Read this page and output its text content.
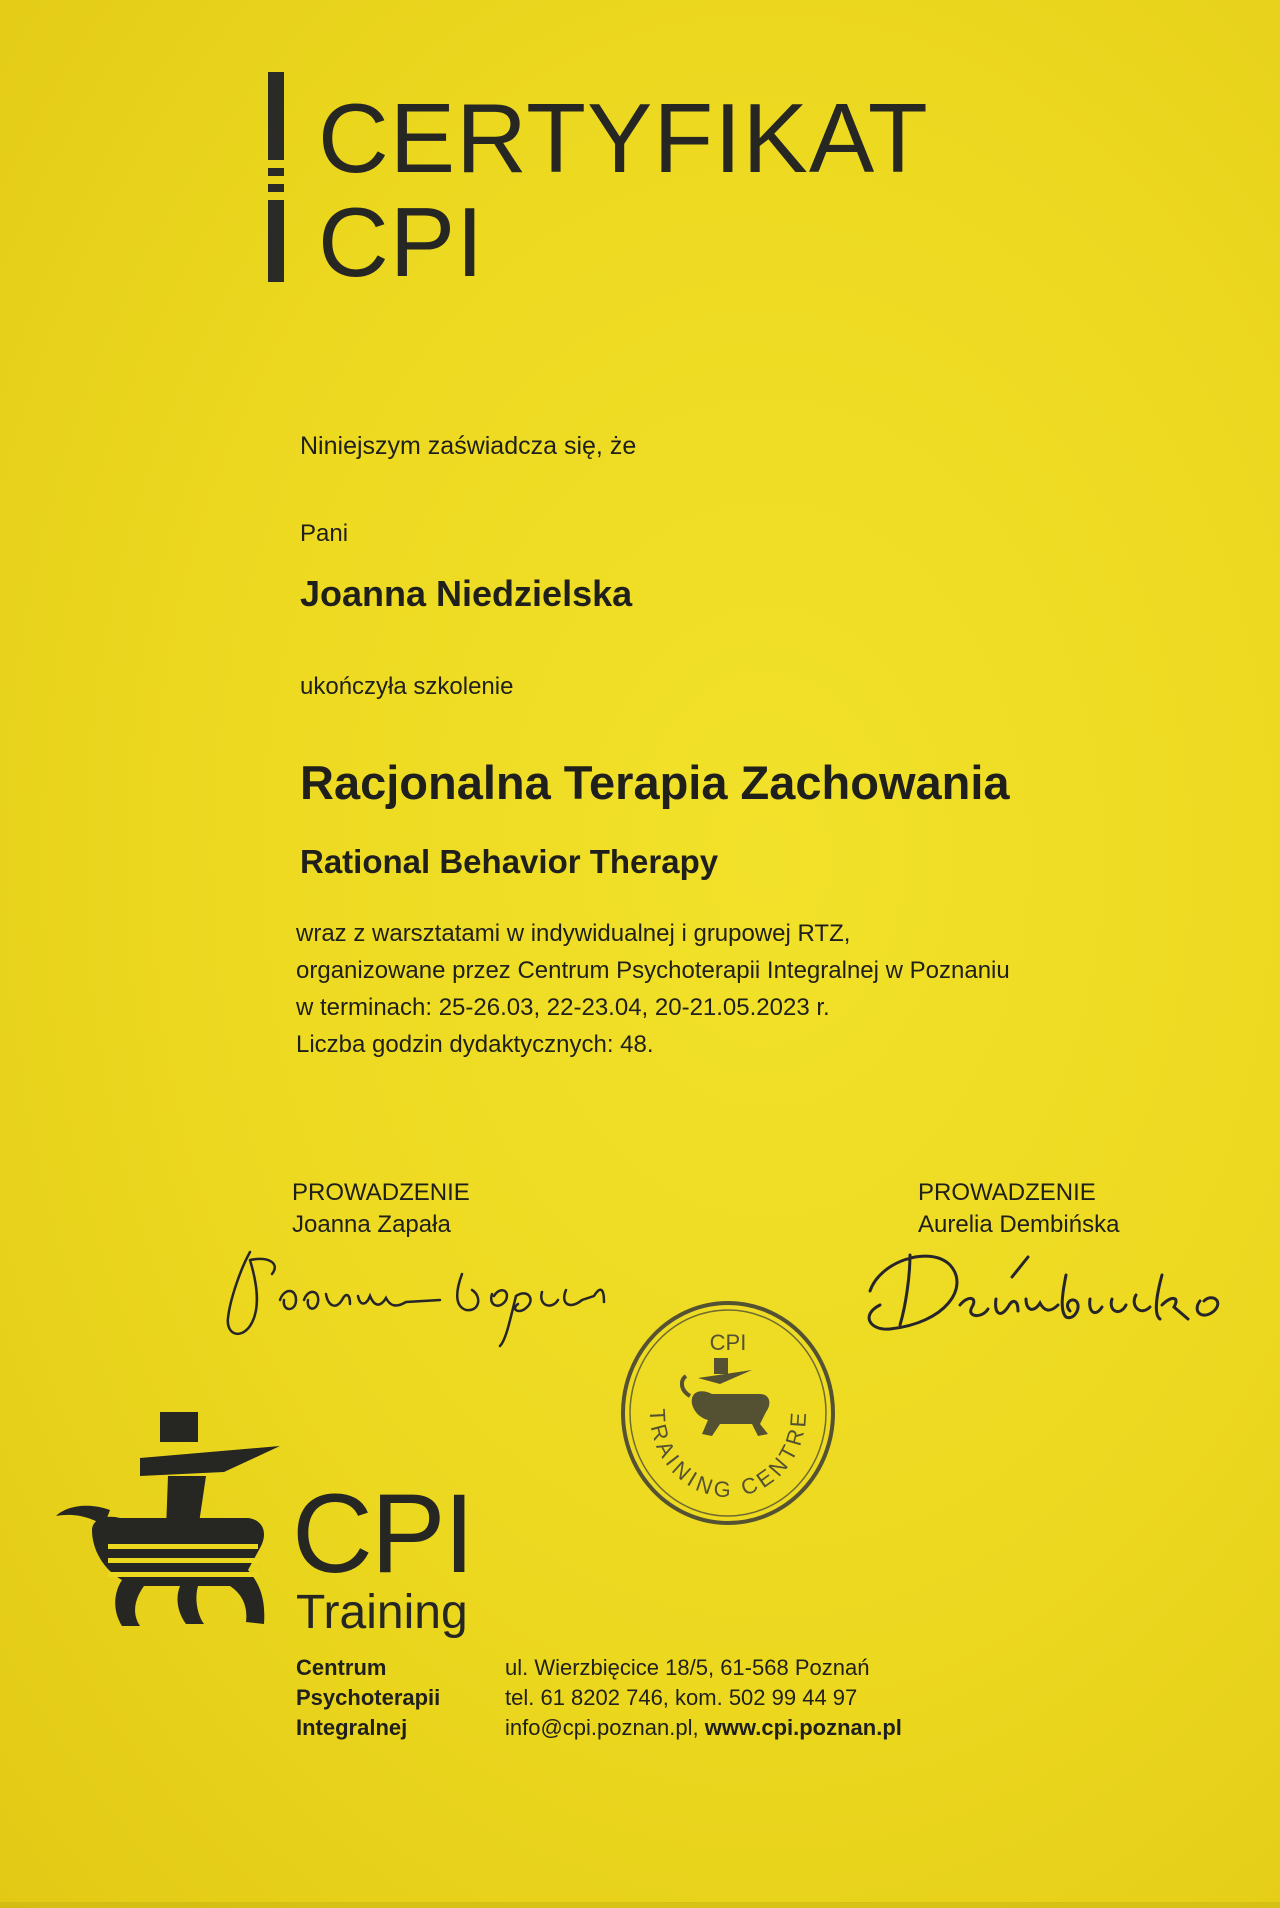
CERTYFIKAT
CPI

Niniejszym zaświadcza się, że

Pani

Joanna Niedzielska

ukończyła szkolenie

Racjonalna Terapia Zachowania

Rational Behavior Therapy

wraz z warsztatami w indywidualnej i grupowej RTZ,
organizowane przez Centrum Psychoterapii Integralnej w Poznaniu
w terminach: 25-26.03, 22-23.04, 20-21.05.2023 r.
Liczba godzin dydaktycznych: 48.
PROWADZENIE
Joanna Zapała
PROWADZENIE
Aurelia Dembińska
CPI
TRAINING CENTRE
CPI
Training
Centrum
Psychoterapii
Integralnej
ul. Wierzbięcice 18/5, 61-568 Poznań
tel. 61 8202 746, kom. 502 99 44 97
info@cpi.poznan.pl, www.cpi.poznan.pl
